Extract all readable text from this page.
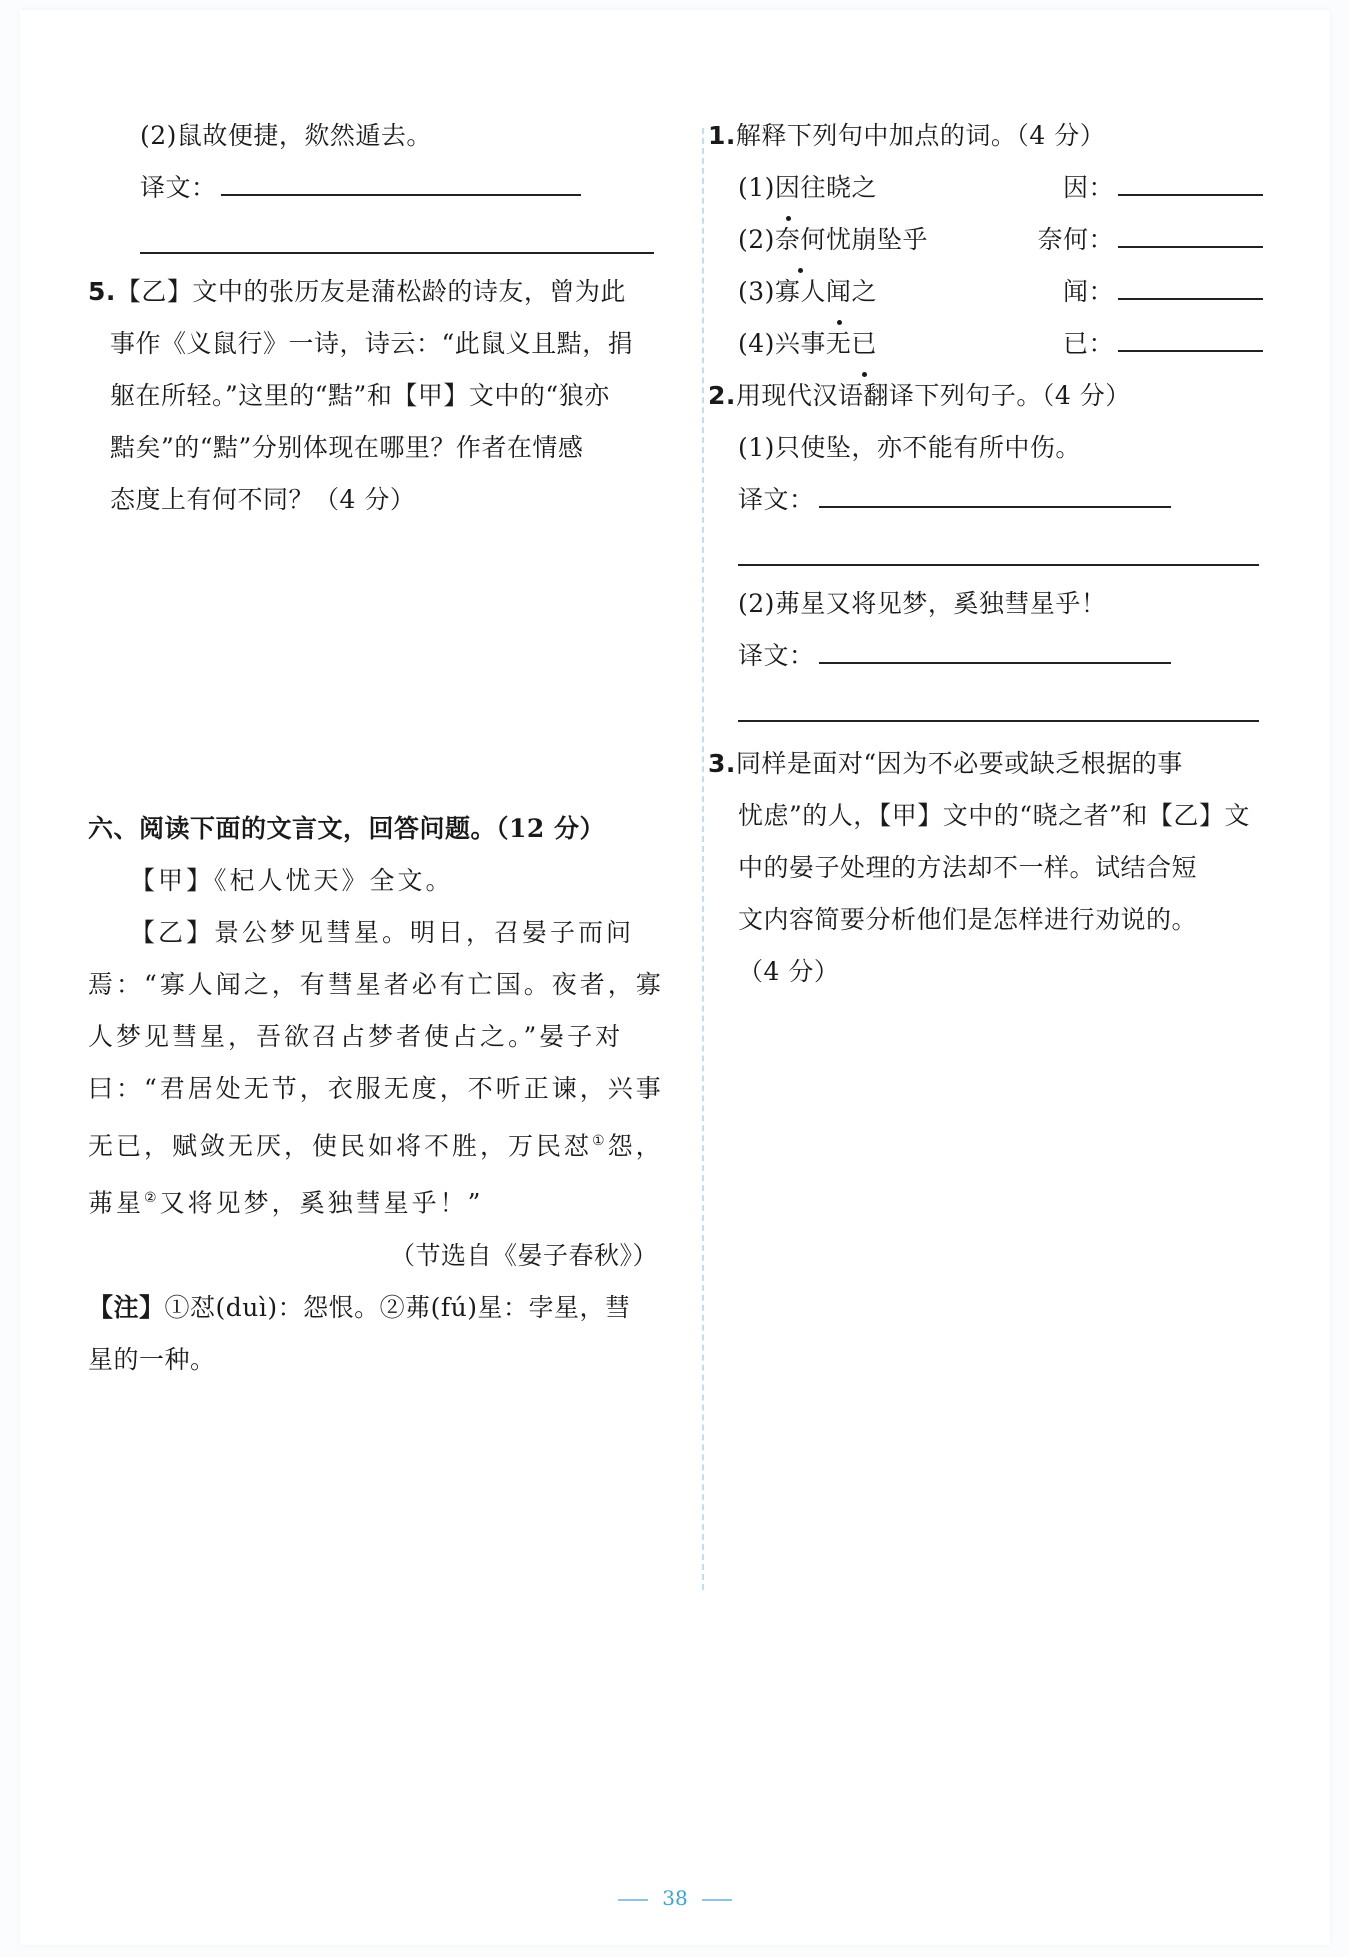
(2)鼠故便捷，欻然遁去。
译文：
5.【乙】文中的张历友是蒲松龄的诗友，曾为此
事作《义鼠行》一诗，诗云：“此鼠义且黠，捐
躯在所轻。”这里的“黠”和【甲】文中的“狼亦
黠矣”的“黠”分别体现在哪里？作者在情感
态度上有何不同？（4 分）
六、阅读下面的文言文，回答问题。（12 分）
【甲】《杞人忧天》全文。
【乙】景公梦见彗星。明日，召晏子而问
焉：“寡人闻之，有彗星者必有亡国。夜者，寡
人梦见彗星，吾欲召占梦者使占之。”晏子对
曰：“君居处无节，衣服无度，不听正谏，兴事
无已，赋敛无厌，使民如将不胜，万民怼①怨，
茀星②又将见梦，奚独彗星乎！”
（节选自《晏子春秋》）
【注】①怼(duì)：怨恨。②茀(fú)星：孛星，彗
星的一种。
1.解释下列句中加点的词。（4 分）
(1)因往晓之	因：
(2)奈何忧崩坠乎	奈何：
(3)寡人闻之	闻：
(4)兴事无已	已：
2.用现代汉语翻译下列句子。（4 分）
(1)只使坠，亦不能有所中伤。
译文：
(2)茀星又将见梦，奚独彗星乎！
译文：
3.同样是面对“因为不必要或缺乏根据的事
忧虑”的人，【甲】文中的“晓之者”和【乙】文
中的晏子处理的方法却不一样。试结合短
文内容简要分析他们是怎样进行劝说的。
（4 分）
38
